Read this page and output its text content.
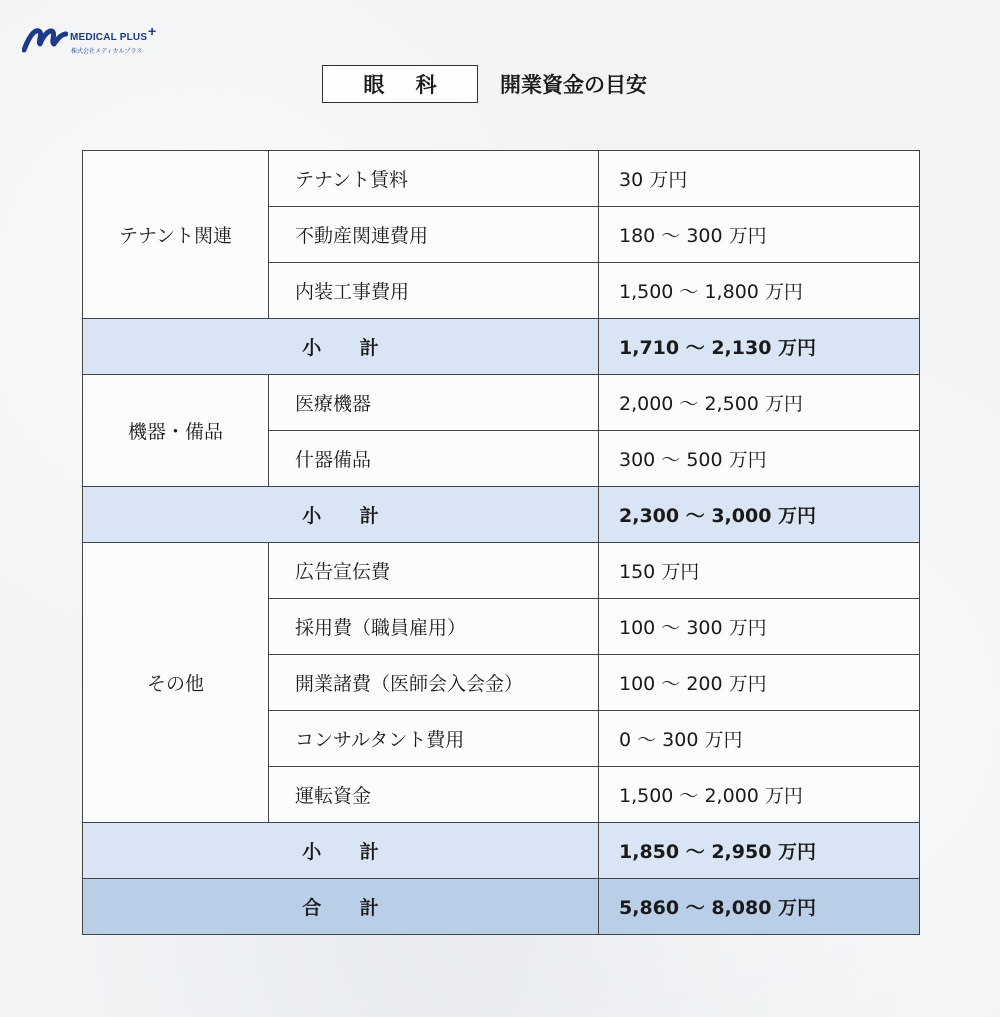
MEDICAL PLUS +
株式会社メディカルプラス
眼 科	開業資金の目安
テナント関連	テナント賃料	30 万円
	不動産関連費用	180 〜 300 万円
	内装工事費用	1,500 〜 1,800 万円
小 計		1,710 〜 2,130 万円
機器・備品	医療機器	2,000 〜 2,500 万円
	什器備品	300 〜 500 万円
小 計		2,300 〜 3,000 万円
その他	広告宣伝費	150 万円
	採用費（職員雇用）	100 〜 300 万円
	開業諸費（医師会入会金）	100 〜 200 万円
	コンサルタント費用	0 〜 300 万円
	運転資金	1,500 〜 2,000 万円
小 計		1,850 〜 2,950 万円
合 計		5,860 〜 8,080 万円
